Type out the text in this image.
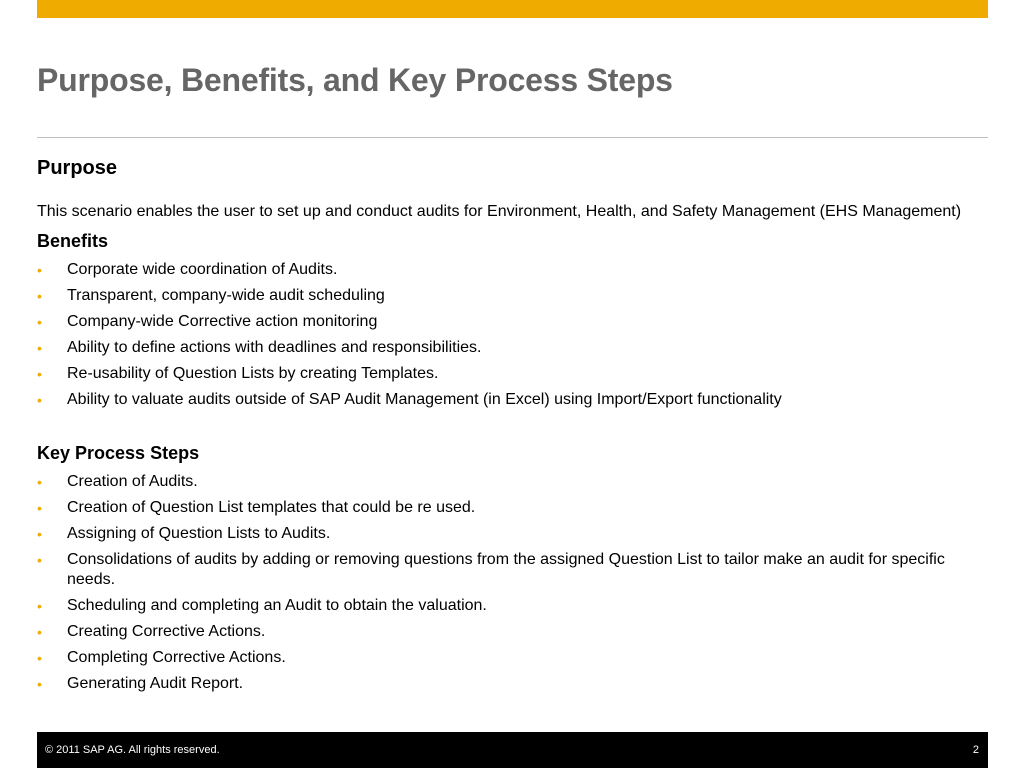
Purpose, Benefits, and Key Process Steps
Purpose

This scenario enables the user to set up and conduct audits for Environment, Health, and Safety Management (EHS Management)

Benefits
• Corporate wide coordination of Audits.
• Transparent, company-wide audit scheduling
• Company-wide Corrective action monitoring
• Ability to define actions with deadlines and responsibilities.
• Re-usability of Question Lists by creating Templates.
• Ability to valuate audits outside of SAP Audit Management (in Excel) using Import/Export functionality
Key Process Steps
• Creation of Audits.
• Creation of Question List templates that could be re used.
• Assigning of Question Lists to Audits.
• Consolidations of audits by adding or removing questions from the assigned Question List to tailor make an audit for specific needs.
• Scheduling and completing an Audit to obtain the valuation.
• Creating Corrective Actions.
• Completing Corrective Actions.
• Generating Audit Report.
© 2011 SAP AG. All rights reserved.	2
